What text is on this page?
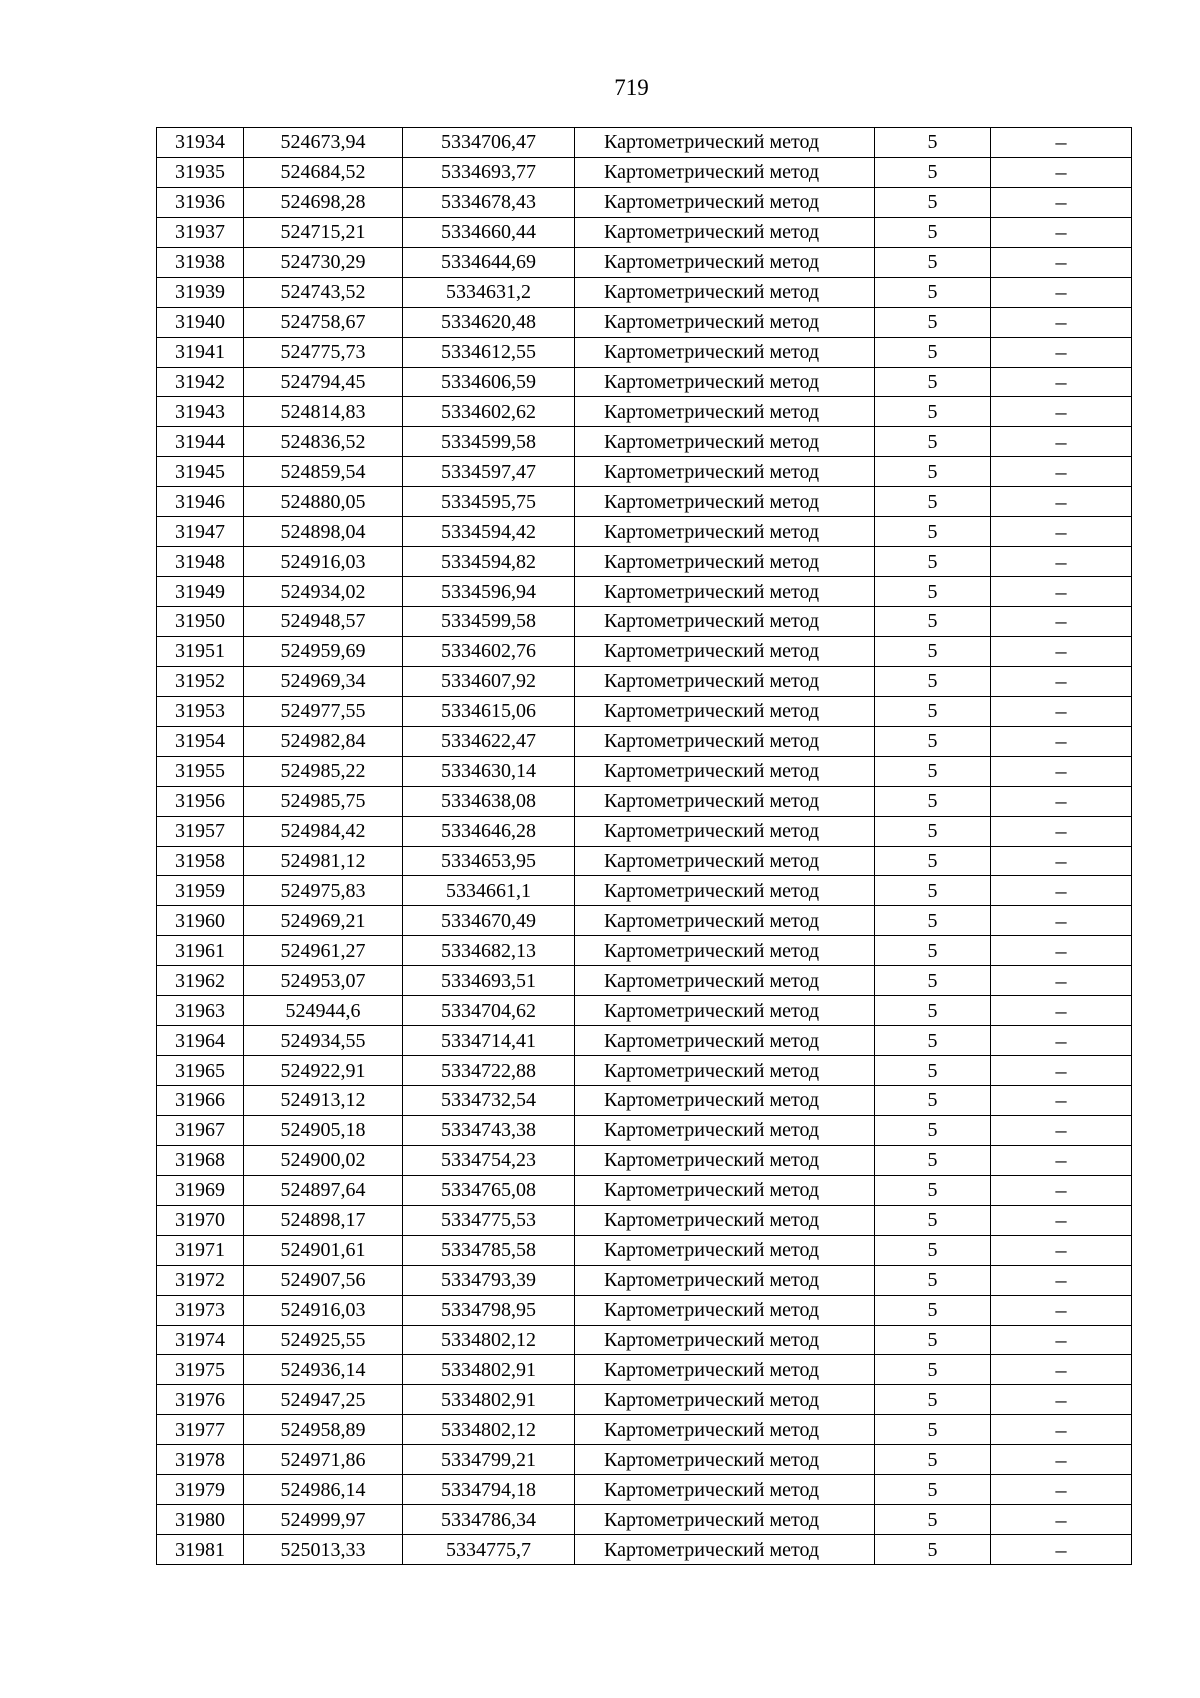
719
31934	524673,94	5334706,47	Картометрический метод	5	–
31935	524684,52	5334693,77	Картометрический метод	5	–
31936	524698,28	5334678,43	Картометрический метод	5	–
31937	524715,21	5334660,44	Картометрический метод	5	–
31938	524730,29	5334644,69	Картометрический метод	5	–
31939	524743,52	5334631,2	Картометрический метод	5	–
31940	524758,67	5334620,48	Картометрический метод	5	–
31941	524775,73	5334612,55	Картометрический метод	5	–
31942	524794,45	5334606,59	Картометрический метод	5	–
31943	524814,83	5334602,62	Картометрический метод	5	–
31944	524836,52	5334599,58	Картометрический метод	5	–
31945	524859,54	5334597,47	Картометрический метод	5	–
31946	524880,05	5334595,75	Картометрический метод	5	–
31947	524898,04	5334594,42	Картометрический метод	5	–
31948	524916,03	5334594,82	Картометрический метод	5	–
31949	524934,02	5334596,94	Картометрический метод	5	–
31950	524948,57	5334599,58	Картометрический метод	5	–
31951	524959,69	5334602,76	Картометрический метод	5	–
31952	524969,34	5334607,92	Картометрический метод	5	–
31953	524977,55	5334615,06	Картометрический метод	5	–
31954	524982,84	5334622,47	Картометрический метод	5	–
31955	524985,22	5334630,14	Картометрический метод	5	–
31956	524985,75	5334638,08	Картометрический метод	5	–
31957	524984,42	5334646,28	Картометрический метод	5	–
31958	524981,12	5334653,95	Картометрический метод	5	–
31959	524975,83	5334661,1	Картометрический метод	5	–
31960	524969,21	5334670,49	Картометрический метод	5	–
31961	524961,27	5334682,13	Картометрический метод	5	–
31962	524953,07	5334693,51	Картометрический метод	5	–
31963	524944,6	5334704,62	Картометрический метод	5	–
31964	524934,55	5334714,41	Картометрический метод	5	–
31965	524922,91	5334722,88	Картометрический метод	5	–
31966	524913,12	5334732,54	Картометрический метод	5	–
31967	524905,18	5334743,38	Картометрический метод	5	–
31968	524900,02	5334754,23	Картометрический метод	5	–
31969	524897,64	5334765,08	Картометрический метод	5	–
31970	524898,17	5334775,53	Картометрический метод	5	–
31971	524901,61	5334785,58	Картометрический метод	5	–
31972	524907,56	5334793,39	Картометрический метод	5	–
31973	524916,03	5334798,95	Картометрический метод	5	–
31974	524925,55	5334802,12	Картометрический метод	5	–
31975	524936,14	5334802,91	Картометрический метод	5	–
31976	524947,25	5334802,91	Картометрический метод	5	–
31977	524958,89	5334802,12	Картометрический метод	5	–
31978	524971,86	5334799,21	Картометрический метод	5	–
31979	524986,14	5334794,18	Картометрический метод	5	–
31980	524999,97	5334786,34	Картометрический метод	5	–
31981	525013,33	5334775,7	Картометрический метод	5	–
